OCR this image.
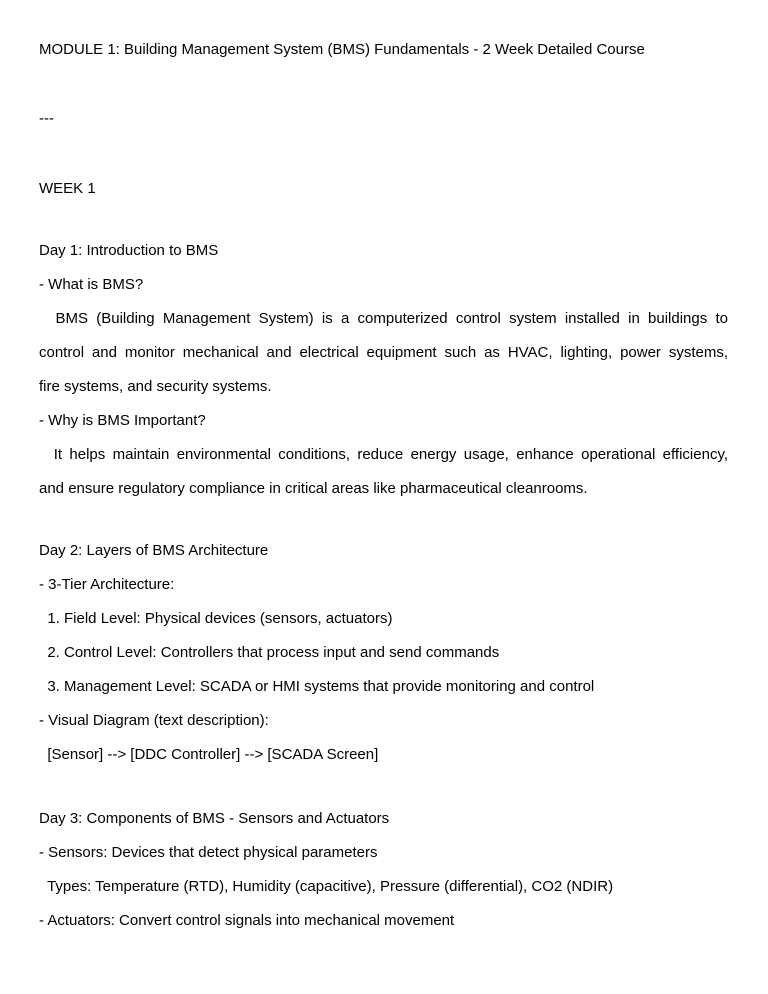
MODULE 1: Building Management System (BMS) Fundamentals - 2 Week Detailed Course
---
WEEK 1
Day 1: Introduction to BMS
- What is BMS?
BMS (Building Management System) is a computerized control system installed in buildings to
control and monitor mechanical and electrical equipment such as HVAC, lighting, power systems,
fire systems, and security systems.
- Why is BMS Important?
It helps maintain environmental conditions, reduce energy usage, enhance operational efficiency,
and ensure regulatory compliance in critical areas like pharmaceutical cleanrooms.
Day 2: Layers of BMS Architecture
- 3-Tier Architecture:
1. Field Level: Physical devices (sensors, actuators)
2. Control Level: Controllers that process input and send commands
3. Management Level: SCADA or HMI systems that provide monitoring and control
- Visual Diagram (text description):
[Sensor] --> [DDC Controller] --> [SCADA Screen]
Day 3: Components of BMS - Sensors and Actuators
- Sensors: Devices that detect physical parameters
Types: Temperature (RTD), Humidity (capacitive), Pressure (differential), CO2 (NDIR)
- Actuators: Convert control signals into mechanical movement
